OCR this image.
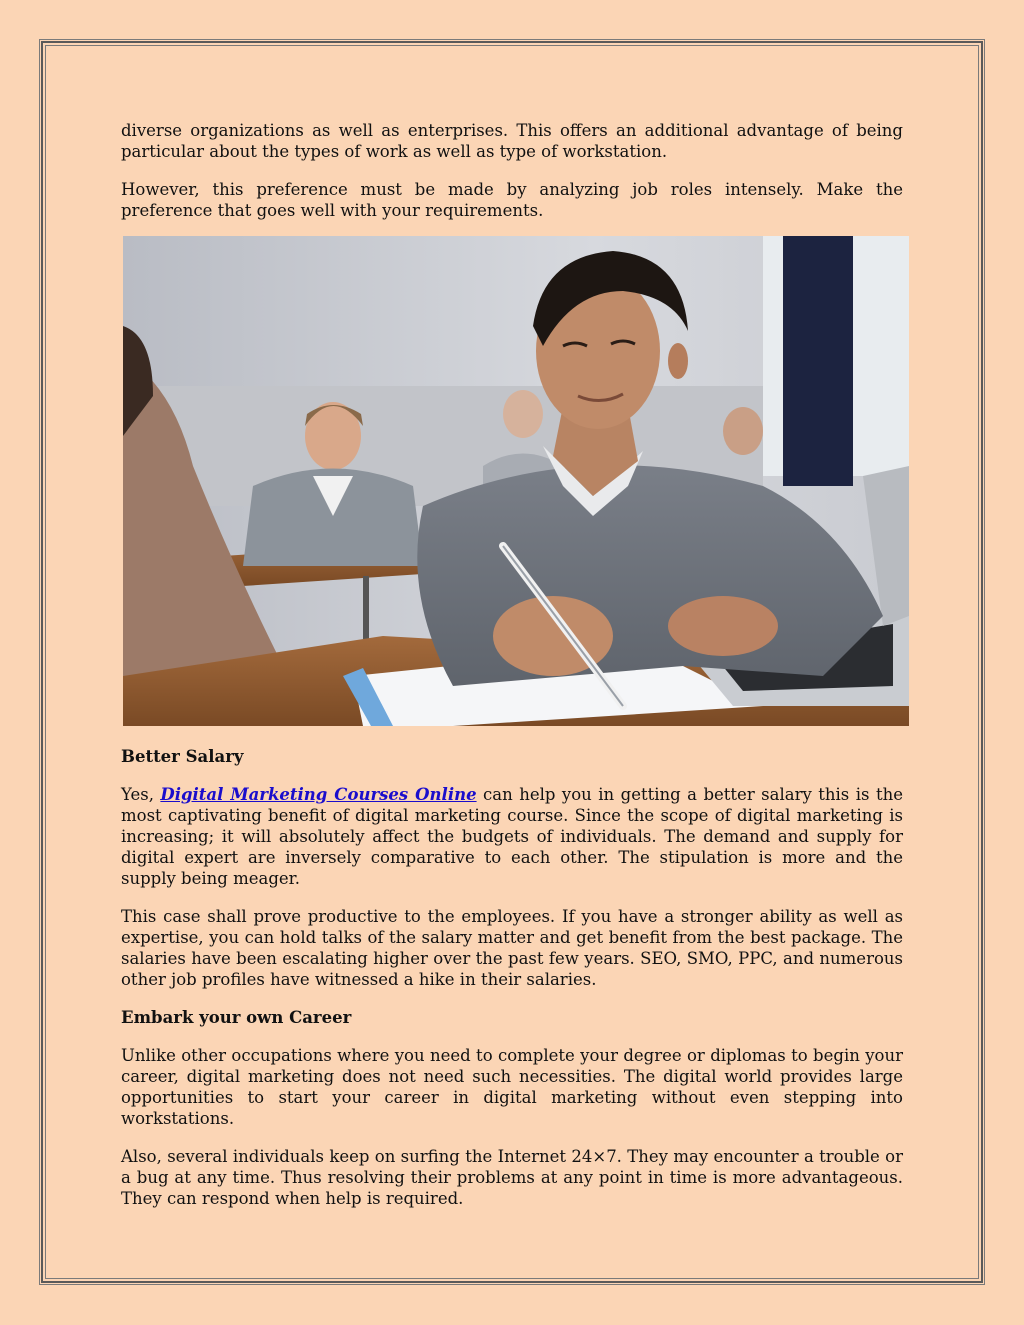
diverse organizations as well as enterprises. This offers an additional advantage of being particular about the types of work as well as type of workstation.

However, this preference must be made by analyzing job roles intensely. Make the preference that goes well with your requirements.

Better Salary

Yes, Digital Marketing Courses Online can help you in getting a better salary this is the most captivating benefit of digital marketing course. Since the scope of digital marketing is increasing; it will absolutely affect the budgets of individuals. The demand and supply for digital expert are inversely comparative to each other. The stipulation is more and the supply being meager.

This case shall prove productive to the employees. If you have a stronger ability as well as expertise, you can hold talks of the salary matter and get benefit from the best package. The salaries have been escalating higher over the past few years. SEO, SMO, PPC, and numerous other job profiles have witnessed a hike in their salaries.

Embark your own Career

Unlike other occupations where you need to complete your degree or diplomas to begin your career, digital marketing does not need such necessities. The digital world provides large opportunities to start your career in digital marketing without even stepping into workstations.

Also, several individuals keep on surfing the Internet 24×7. They may encounter a trouble or a bug at any time. Thus resolving their problems at any point in time is more advantageous. They can respond when help is required.
